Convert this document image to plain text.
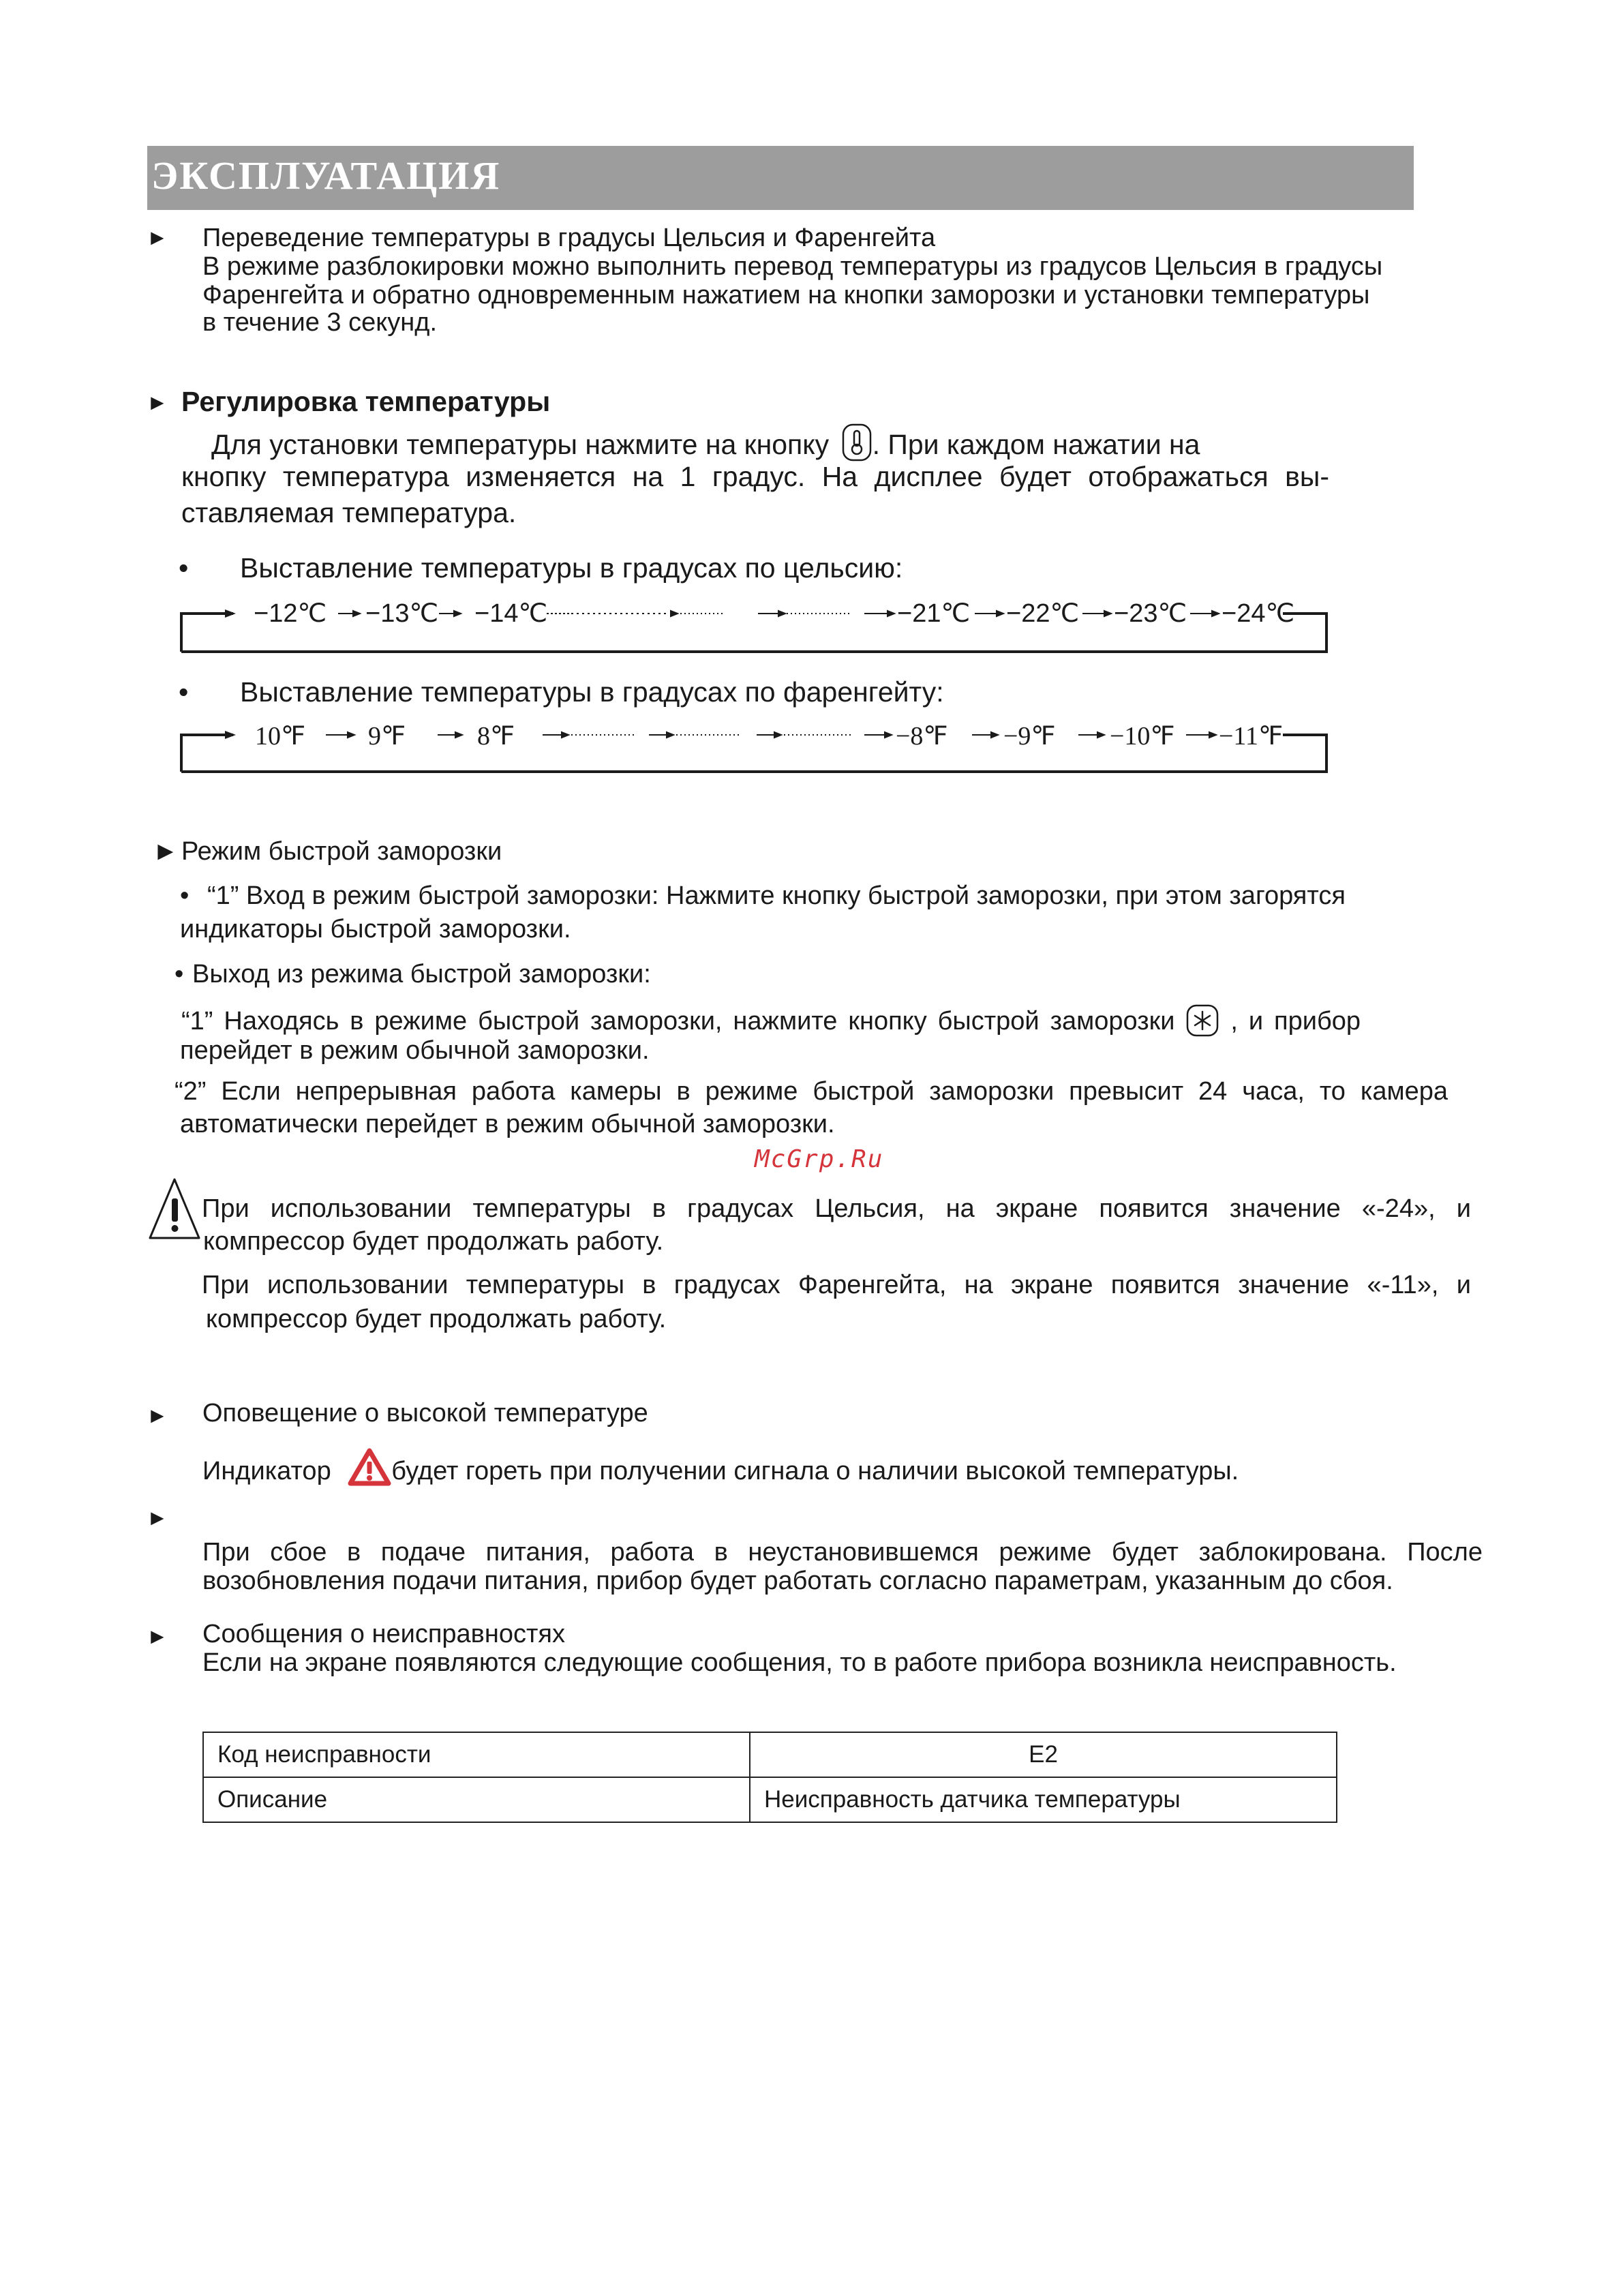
ЭКСПЛУАТАЦИЯ
► Переведение температуры в градусы Цельсия и Фаренгейта
В режиме разблокировки можно выполнить перевод температуры из градусов Цельсия в градусы
Фаренгейта и обратно одновременным нажатием на кнопки заморозки и установки температуры
в течение 3 секунд.
► Регулировка температуры
Для установки температуры нажмите на кнопку . При каждом нажатии на
кнопку температура изменяется на 1 градус. На дисплее будет отображаться вы-
ставляемая температура.
• Выставление температуры в градусах по цельсию:
−12℃ −13℃ −14℃	−21℃ −22℃ −23℃ −24℃
• Выставление температуры в градусах по фаренгейту:
10℉ 9℉	8℉	−8℉ −9℉ −10℉ −11℉
► Режим быстрой заморозки
• “1” Вход в режим быстрой заморозки: Нажмите кнопку быстрой заморозки, при этом загорятся
индикаторы быстрой заморозки.
• Выход из режима быстрой заморозки:
“1” Находясь в режиме быстрой заморозки, нажмите кнопку быстрой заморозки , и прибор
перейдет в режим обычной заморозки.
“2” Если непрерывная работа камеры в режиме быстрой заморозки превысит 24 часа, то камера
автоматически перейдет в режим обычной заморозки.
McGrp.Ru
При использовании температуры в градусах Цельсия, на экране появится значение «-24», и
компрессор будет продолжать работу.
При использовании температуры в градусах Фаренгейта, на экране появится значение «-11», и
компрессор будет продолжать работу.
► Оповещение о высокой температуре
Индикатор будет гореть при получении сигнала о наличии высокой температуры.
►
При сбое в подаче питания, работа в неустановившемся режиме будет заблокирована. После
возобновления подачи питания, прибор будет работать согласно параметрам, указанным до сбоя.
► Сообщения о неисправностях
Если на экране появляются следующие сообщения, то в работе прибора возникла неисправность.
Код неисправности	E2
Описание	Неисправность датчика температуры
